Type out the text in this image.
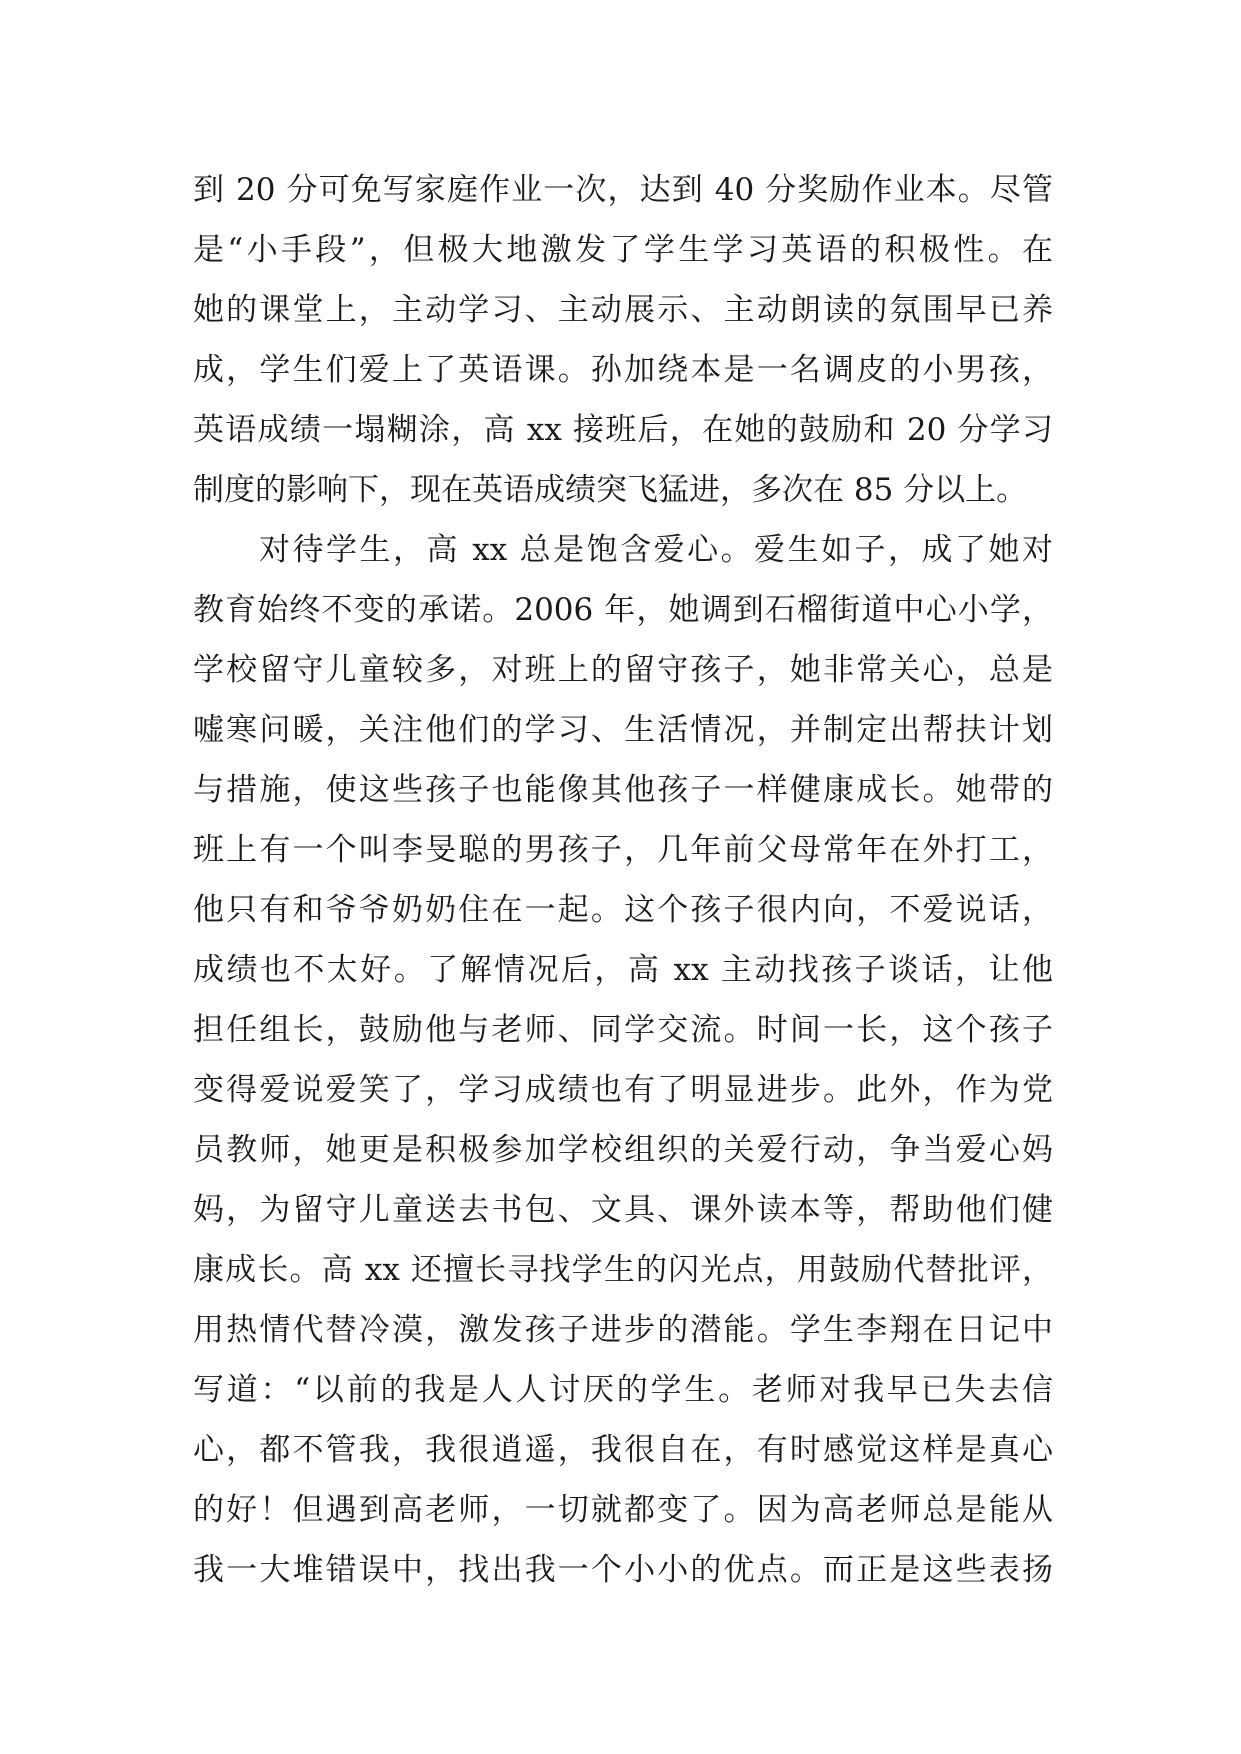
到 20 分可免写家庭作业一次，达到 40 分奖励作业本。尽管
是“小手段”，但极大地激发了学生学习英语的积极性。在
她的课堂上，主动学习、主动展示、主动朗读的氛围早已养
成，学生们爱上了英语课。孙加绕本是一名调皮的小男孩，
英语成绩一塌糊涂，高 xx 接班后，在她的鼓励和 20 分学习
制度的影响下，现在英语成绩突飞猛进，多次在 85 分以上。
对待学生，高 xx 总是饱含爱心。爱生如子，成了她对
教育始终不变的承诺。2006 年，她调到石榴街道中心小学，
学校留守儿童较多，对班上的留守孩子，她非常关心，总是
嘘寒问暖，关注他们的学习、生活情况，并制定出帮扶计划
与措施，使这些孩子也能像其他孩子一样健康成长。她带的
班上有一个叫李旻聪的男孩子，几年前父母常年在外打工，
他只有和爷爷奶奶住在一起。这个孩子很内向，不爱说话，
成绩也不太好。了解情况后，高 xx 主动找孩子谈话，让他
担任组长，鼓励他与老师、同学交流。时间一长，这个孩子
变得爱说爱笑了，学习成绩也有了明显进步。此外，作为党
员教师，她更是积极参加学校组织的关爱行动，争当爱心妈
妈，为留守儿童送去书包、文具、课外读本等，帮助他们健
康成长。高 xx 还擅长寻找学生的闪光点，用鼓励代替批评，
用热情代替冷漠，激发孩子进步的潜能。学生李翔在日记中
写道：“以前的我是人人讨厌的学生。老师对我早已失去信
心，都不管我，我很逍遥，我很自在，有时感觉这样是真心
的好！但遇到高老师，一切就都变了。因为高老师总是能从
我一大堆错误中，找出我一个小小的优点。而正是这些表扬
